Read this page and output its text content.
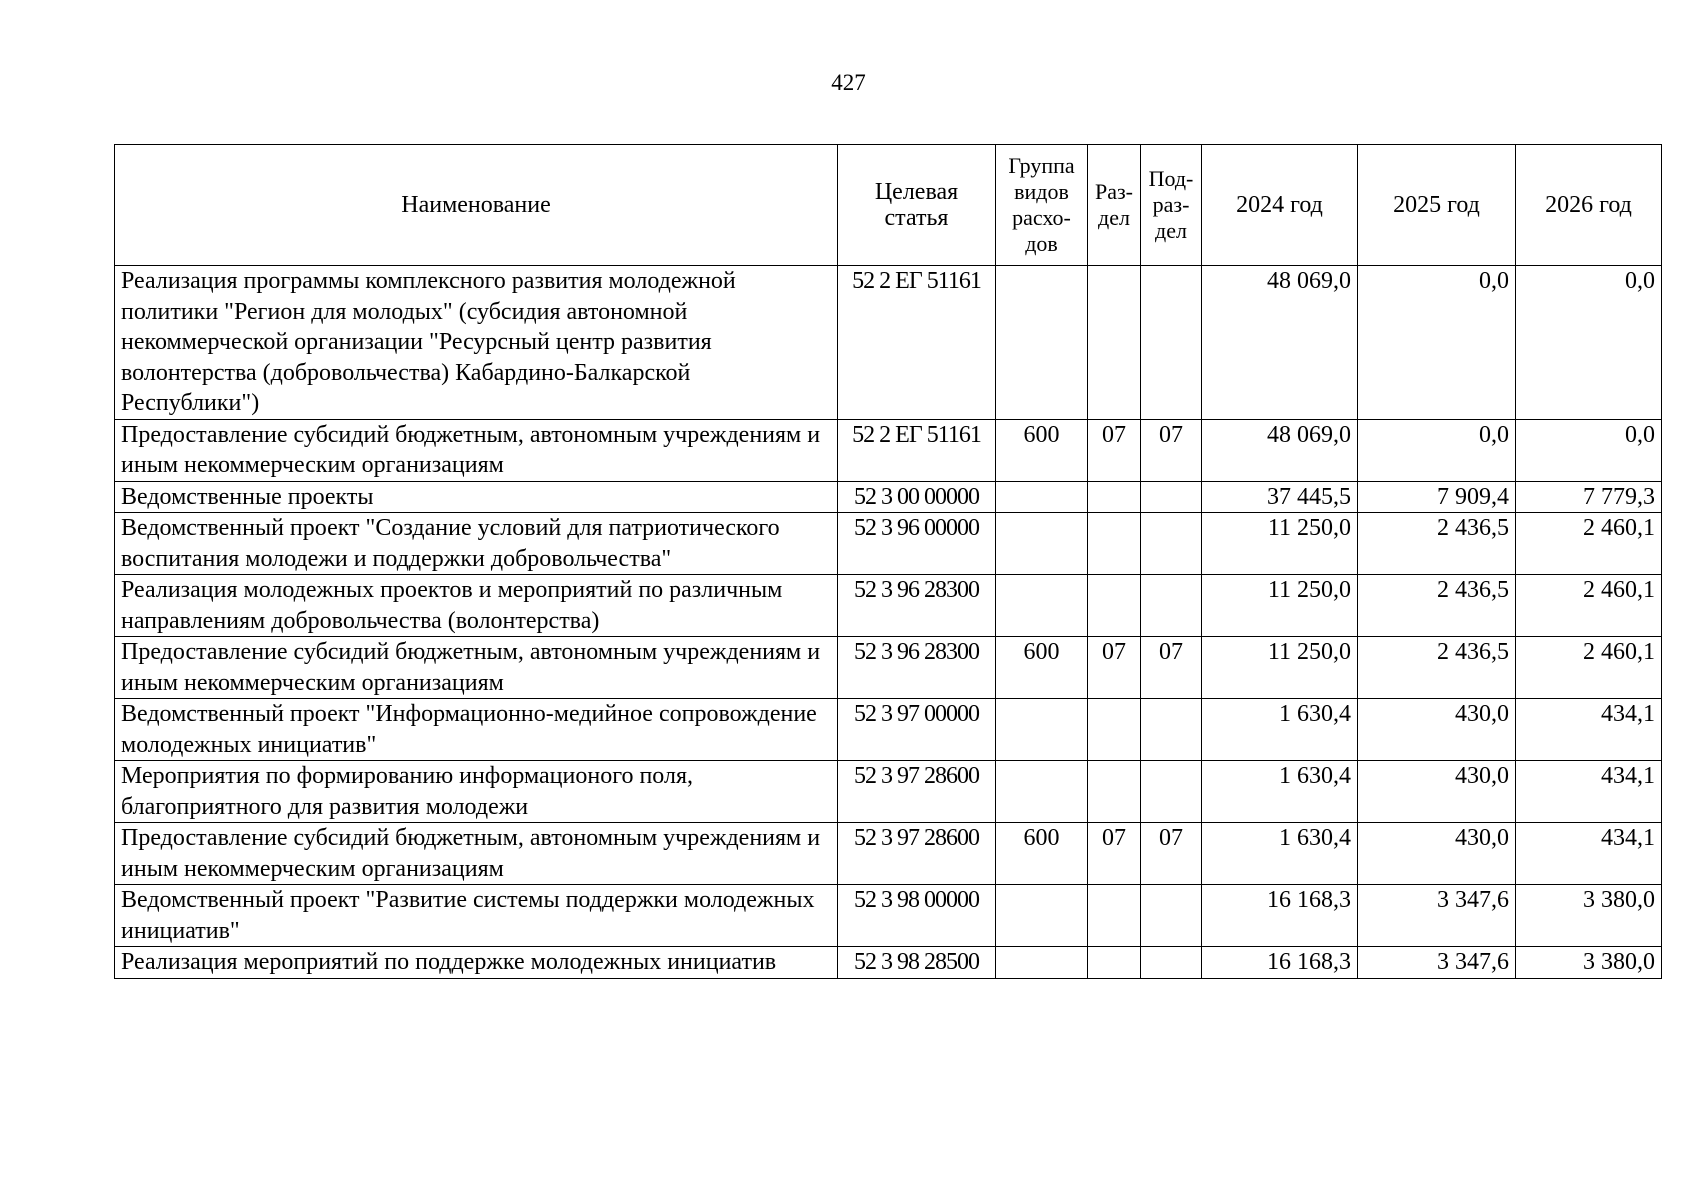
427
Наименование	Целевая статья	Группа видов расхо-дов	Раз-дел	Под-раз-дел	2024 год	2025 год	2026 год
Реализация программы комплексного развития молодежной политики "Регион для молодых" (субсидия автономной некоммерческой организации "Ресурсный центр развития волонтерства (добровольчества) Кабардино-Балкарской Республики")	52 2 ЕГ 51161				48 069,0	0,0	0,0
Предоставление субсидий бюджетным, автономным учреждениям и иным некоммерческим организациям	52 2 ЕГ 51161	600	07	07	48 069,0	0,0	0,0
Ведомственные проекты	52 3 00 00000				37 445,5	7 909,4	7 779,3
Ведомственный проект "Создание условий для патриотического воспитания молодежи и поддержки добровольчества"	52 3 96 00000				11 250,0	2 436,5	2 460,1
Реализация молодежных проектов и мероприятий по различным направлениям добровольчества (волонтерства)	52 3 96 28300				11 250,0	2 436,5	2 460,1
Предоставление субсидий бюджетным, автономным учреждениям и иным некоммерческим организациям	52 3 96 28300	600	07	07	11 250,0	2 436,5	2 460,1
Ведомственный проект "Информационно-медийное сопровождение молодежных инициатив"	52 3 97 00000				1 630,4	430,0	434,1
Мероприятия по формированию информационого поля, благоприятного для развития молодежи	52 3 97 28600				1 630,4	430,0	434,1
Предоставление субсидий бюджетным, автономным учреждениям и иным некоммерческим организациям	52 3 97 28600	600	07	07	1 630,4	430,0	434,1
Ведомственный проект "Развитие системы поддержки молодежных инициатив"	52 3 98 00000				16 168,3	3 347,6	3 380,0
Реализация мероприятий по поддержке молодежных инициатив	52 3 98 28500				16 168,3	3 347,6	3 380,0
